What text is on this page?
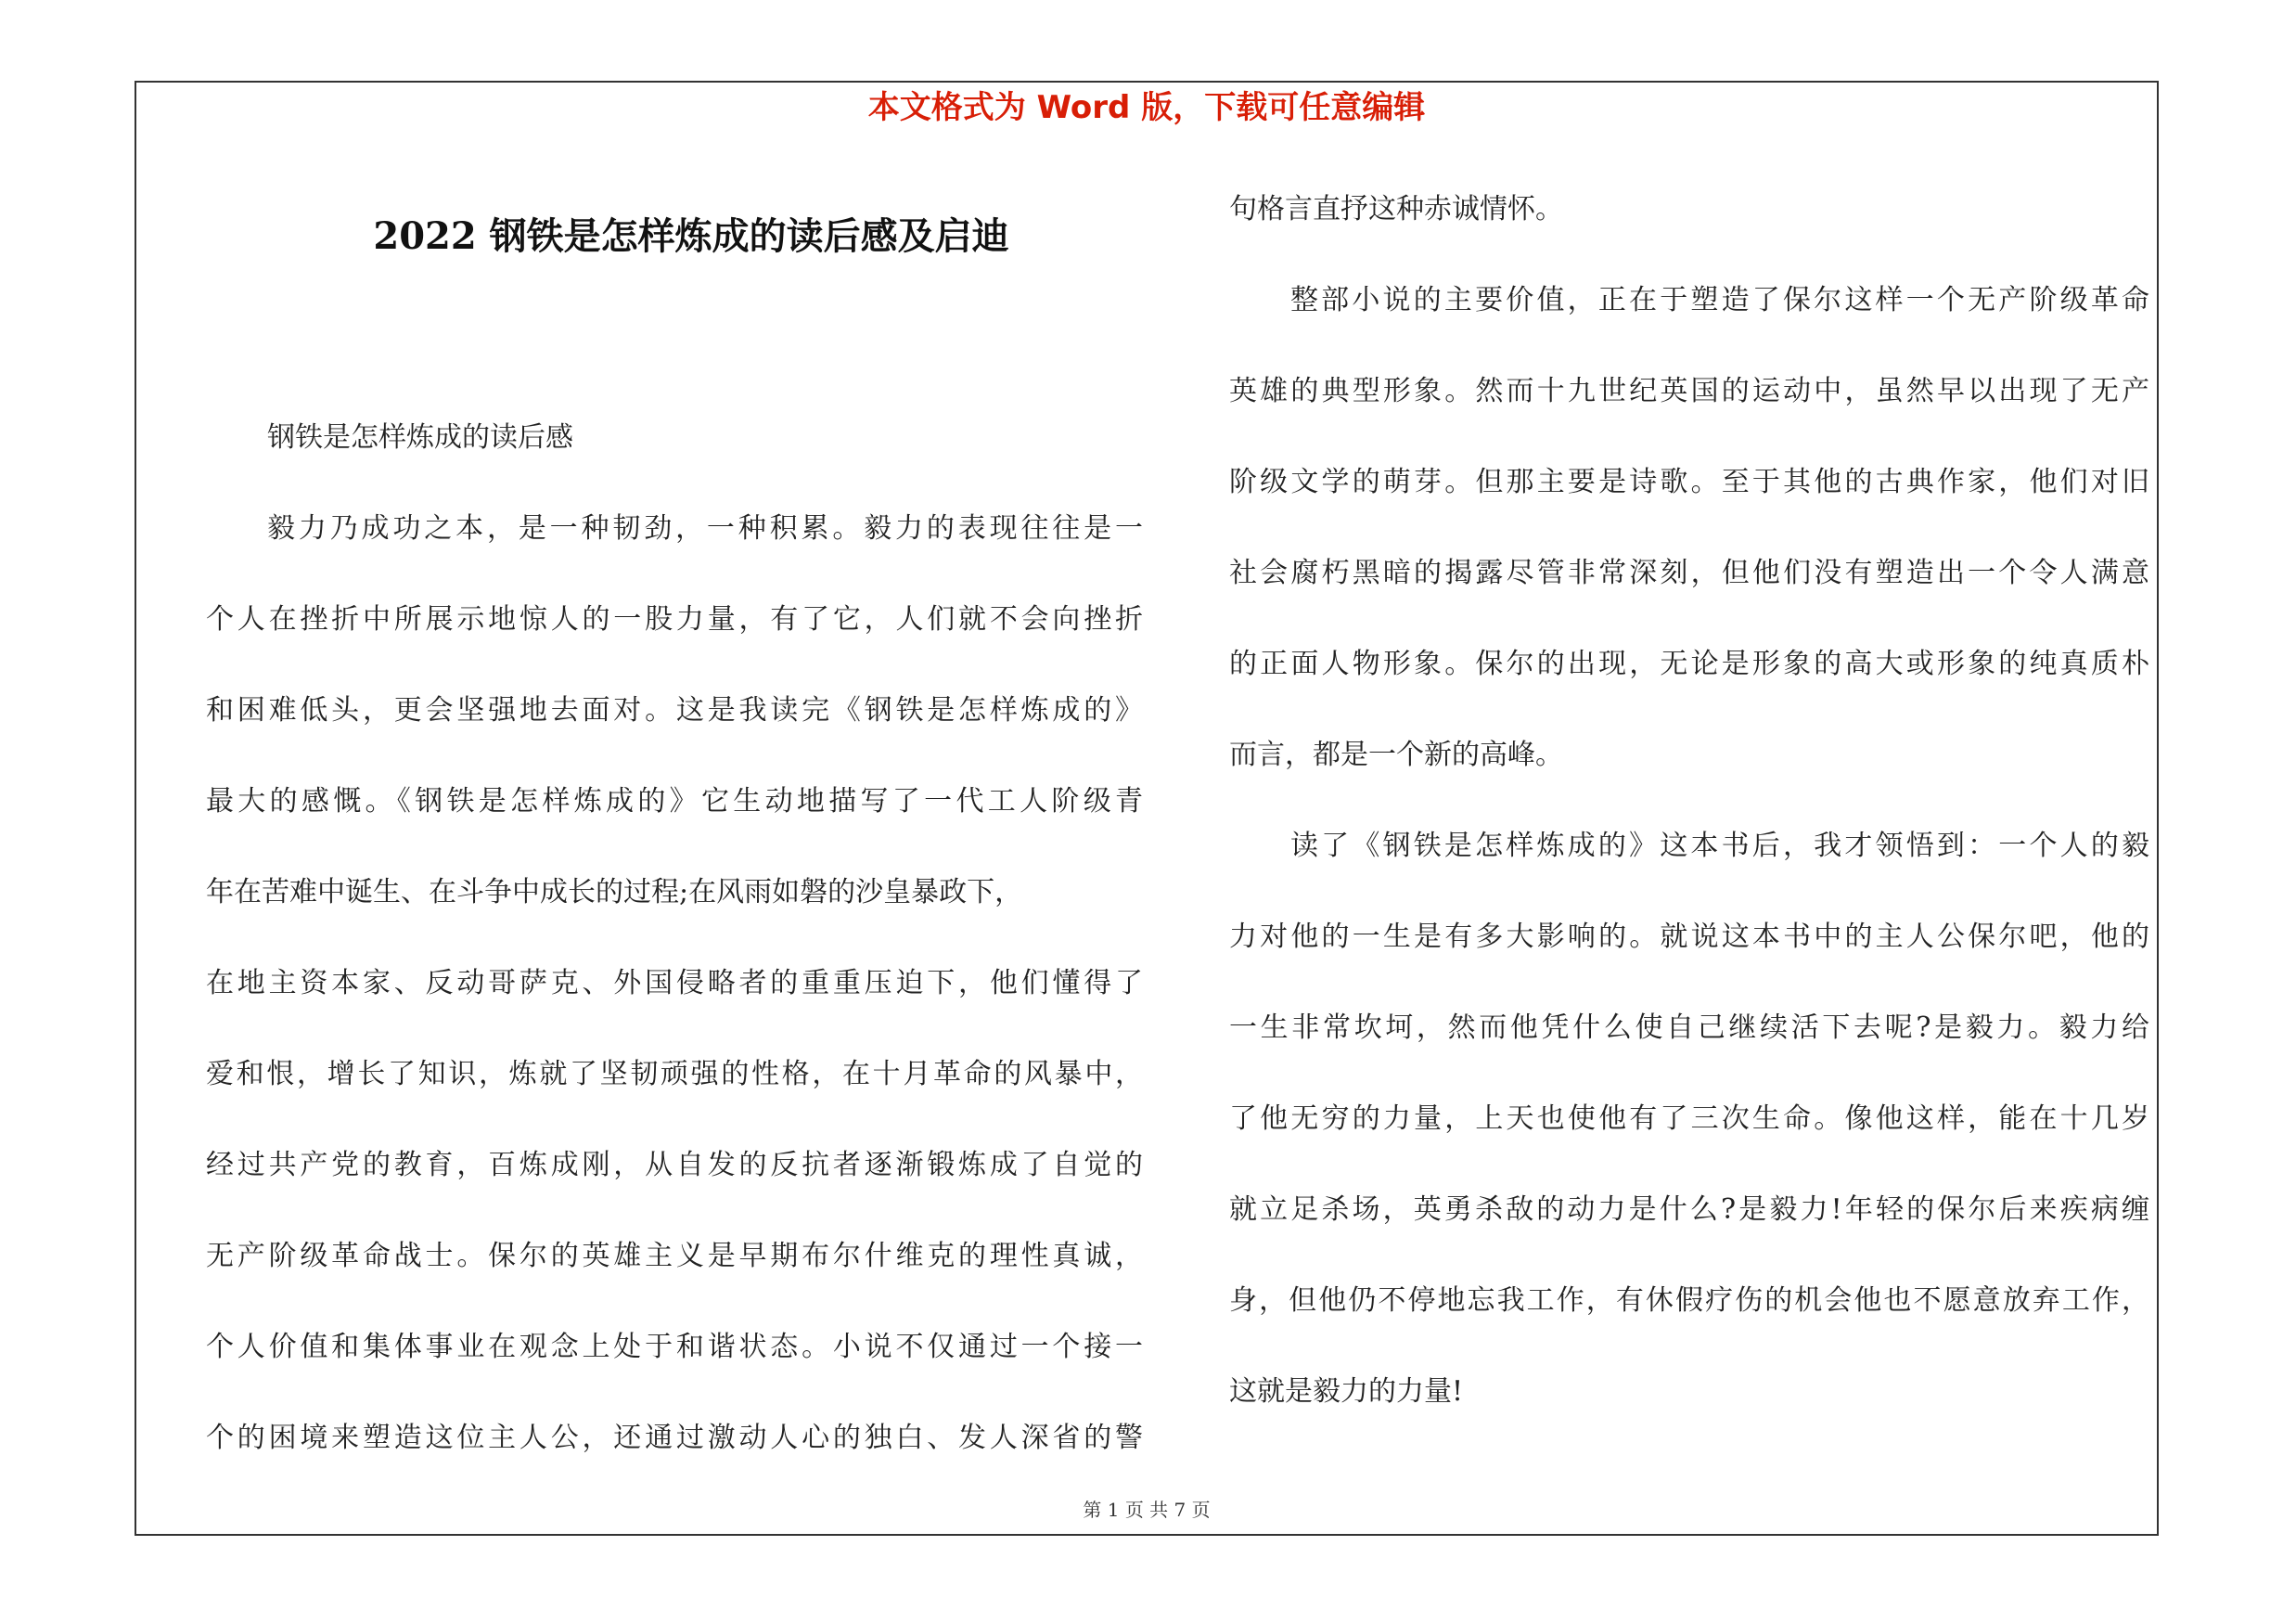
本文格式为 Word 版，下载可任意编辑
2022 钢铁是怎样炼成的读后感及启迪
钢铁是怎样炼成的读后感
毅力乃成功之本，是一种韧劲，一种积累。毅力的表现往往是一
个人在挫折中所展示地惊人的一股力量，有了它，人们就不会向挫折
和困难低头，更会坚强地去面对。这是我读完《钢铁是怎样炼成的》
最大的感慨。《钢铁是怎样炼成的》它生动地描写了一代工人阶级青
年在苦难中诞生、在斗争中成长的过程;在风雨如磐的沙皇暴政下，
在地主资本家、反动哥萨克、外国侵略者的重重压迫下，他们懂得了
爱和恨，增长了知识，炼就了坚韧顽强的性格，在十月革命的风暴中，
经过共产党的教育，百炼成刚，从自发的反抗者逐渐锻炼成了自觉的
无产阶级革命战士。保尔的英雄主义是早期布尔什维克的理性真诚，
个人价值和集体事业在观念上处于和谐状态。小说不仅通过一个接一
个的困境来塑造这位主人公，还通过激动人心的独白、发人深省的警
句格言直抒这种赤诚情怀。
整部小说的主要价值，正在于塑造了保尔这样一个无产阶级革命
英雄的典型形象。然而十九世纪英国的运动中，虽然早以出现了无产
阶级文学的萌芽。但那主要是诗歌。至于其他的古典作家，他们对旧
社会腐朽黑暗的揭露尽管非常深刻，但他们没有塑造出一个令人满意
的正面人物形象。保尔的出现，无论是形象的高大或形象的纯真质朴
而言，都是一个新的高峰。
读了《钢铁是怎样炼成的》这本书后，我才领悟到：一个人的毅
力对他的一生是有多大影响的。就说这本书中的主人公保尔吧，他的
一生非常坎坷，然而他凭什么使自己继续活下去呢?是毅力。毅力给
了他无穷的力量，上天也使他有了三次生命。像他这样，能在十几岁
就立足杀场，英勇杀敌的动力是什么?是毅力!年轻的保尔后来疾病缠
身，但他仍不停地忘我工作，有休假疗伤的机会他也不愿意放弃工作，
这就是毅力的力量!
第 1 页 共 7 页
